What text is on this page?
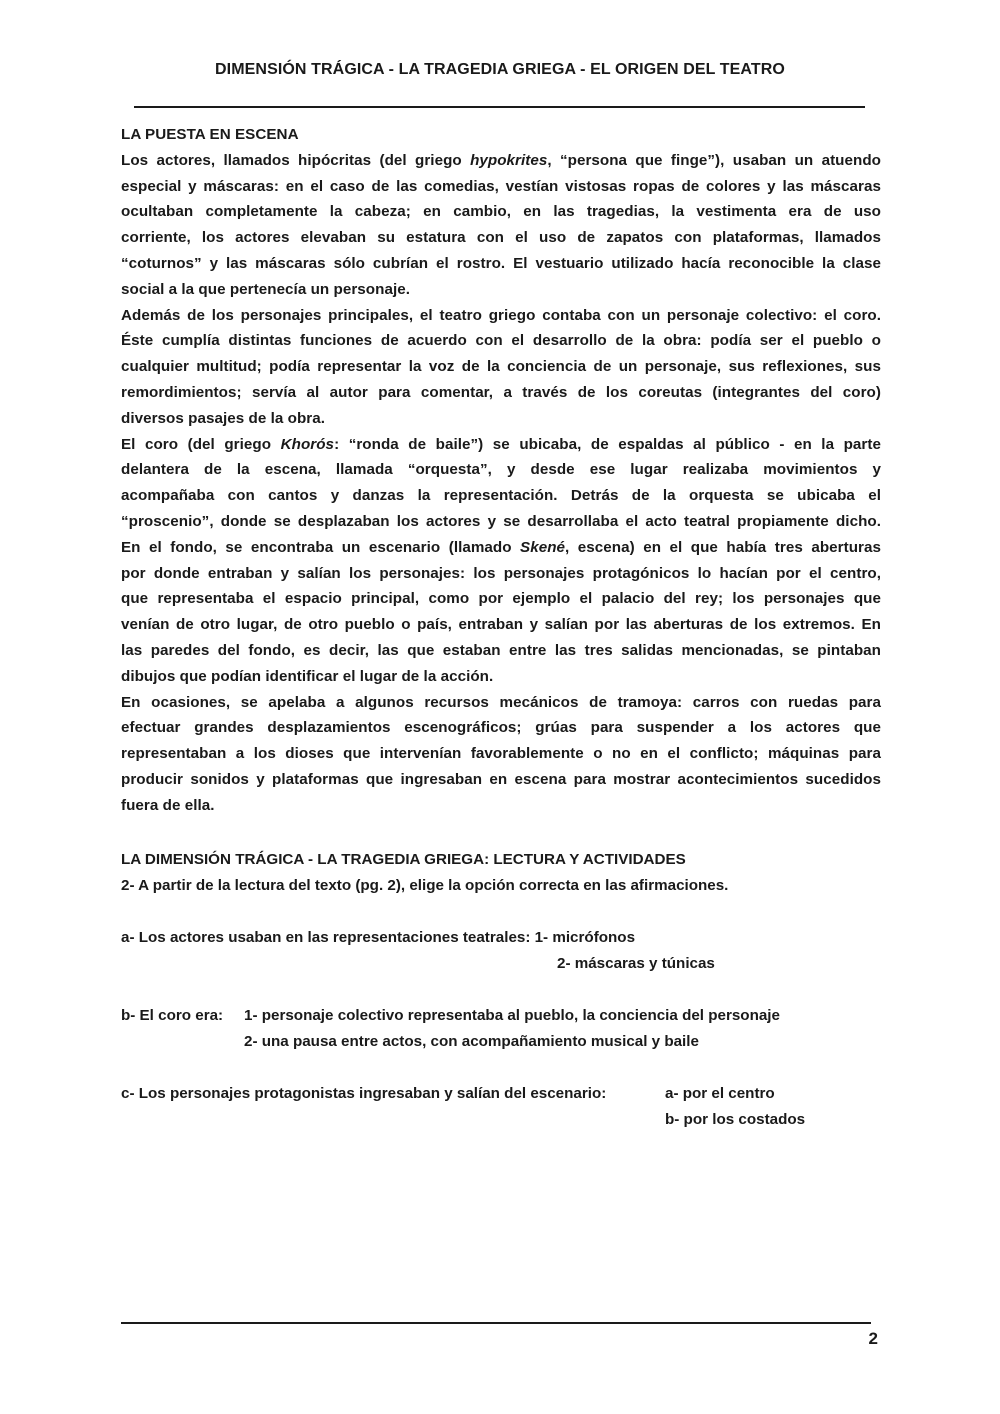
DIMENSIÓN TRÁGICA - LA TRAGEDIA GRIEGA - EL ORIGEN DEL TEATRO
LA PUESTA EN ESCENA

Los actores, llamados hipócritas (del griego hypokrites, “persona que finge”), usaban un atuendo
especial y máscaras: en el caso de las comedias, vestían vistosas ropas de colores y las máscaras
ocultaban completamente la cabeza; en cambio, en las tragedias, la vestimenta era de uso
corriente, los actores elevaban su estatura con el uso de zapatos con plataformas, llamados
“coturnos” y las máscaras sólo cubrían el rostro. El vestuario utilizado hacía reconocible la clase
social a la que pertenecía un personaje.

Además de los personajes principales, el teatro griego contaba con un personaje colectivo: el coro.
Éste cumplía distintas funciones de acuerdo con el desarrollo de la obra: podía ser el pueblo o
cualquier multitud; podía representar la voz de la conciencia de un personaje, sus reflexiones, sus
remordimientos; servía al autor para comentar, a través de los coreutas (integrantes del coro)
diversos pasajes de la obra.

El coro (del griego Khorós: “ronda de baile”) se ubicaba, de espaldas al público - en la parte
delantera de la escena, llamada “orquesta”, y desde ese lugar realizaba movimientos y
acompañaba con cantos y danzas la representación. Detrás de la orquesta se ubicaba el
“proscenio”, donde se desplazaban los actores y se desarrollaba el acto teatral propiamente dicho.
En el fondo, se encontraba un escenario (llamado Skené, escena) en el que había tres aberturas
por donde entraban y salían los personajes: los personajes protagónicos lo hacían por el centro,
que representaba el espacio principal, como por ejemplo el palacio del rey; los personajes que
venían de otro lugar, de otro pueblo o país, entraban y salían por las aberturas de los extremos. En
las paredes del fondo, es decir, las que estaban entre las tres salidas mencionadas, se pintaban
dibujos que podían identificar el lugar de la acción.

En ocasiones, se apelaba a algunos recursos mecánicos de tramoya: carros con ruedas para
efectuar grandes desplazamientos escenográficos; grúas para suspender a los actores que
representaban a los dioses que intervenían favorablemente o no en el conflicto; máquinas para
producir sonidos y plataformas que ingresaban en escena para mostrar acontecimientos sucedidos
fuera de ella.

LA DIMENSIÓN TRÁGICA - LA TRAGEDIA GRIEGA: LECTURA Y ACTIVIDADES
2- A partir de la lectura del texto (pg. 2), elige la opción correcta en las afirmaciones.
a- Los actores usaban en las representaciones teatrales: 1- micrófonos
2- máscaras y túnicas
b- El coro era: 1- personaje colectivo representaba al pueblo, la conciencia del personaje
2- una pausa entre actos, con acompañamiento musical y baile
c- Los personajes protagonistas ingresaban y salían del escenario:	a- por el centro
b- por los costados
2
